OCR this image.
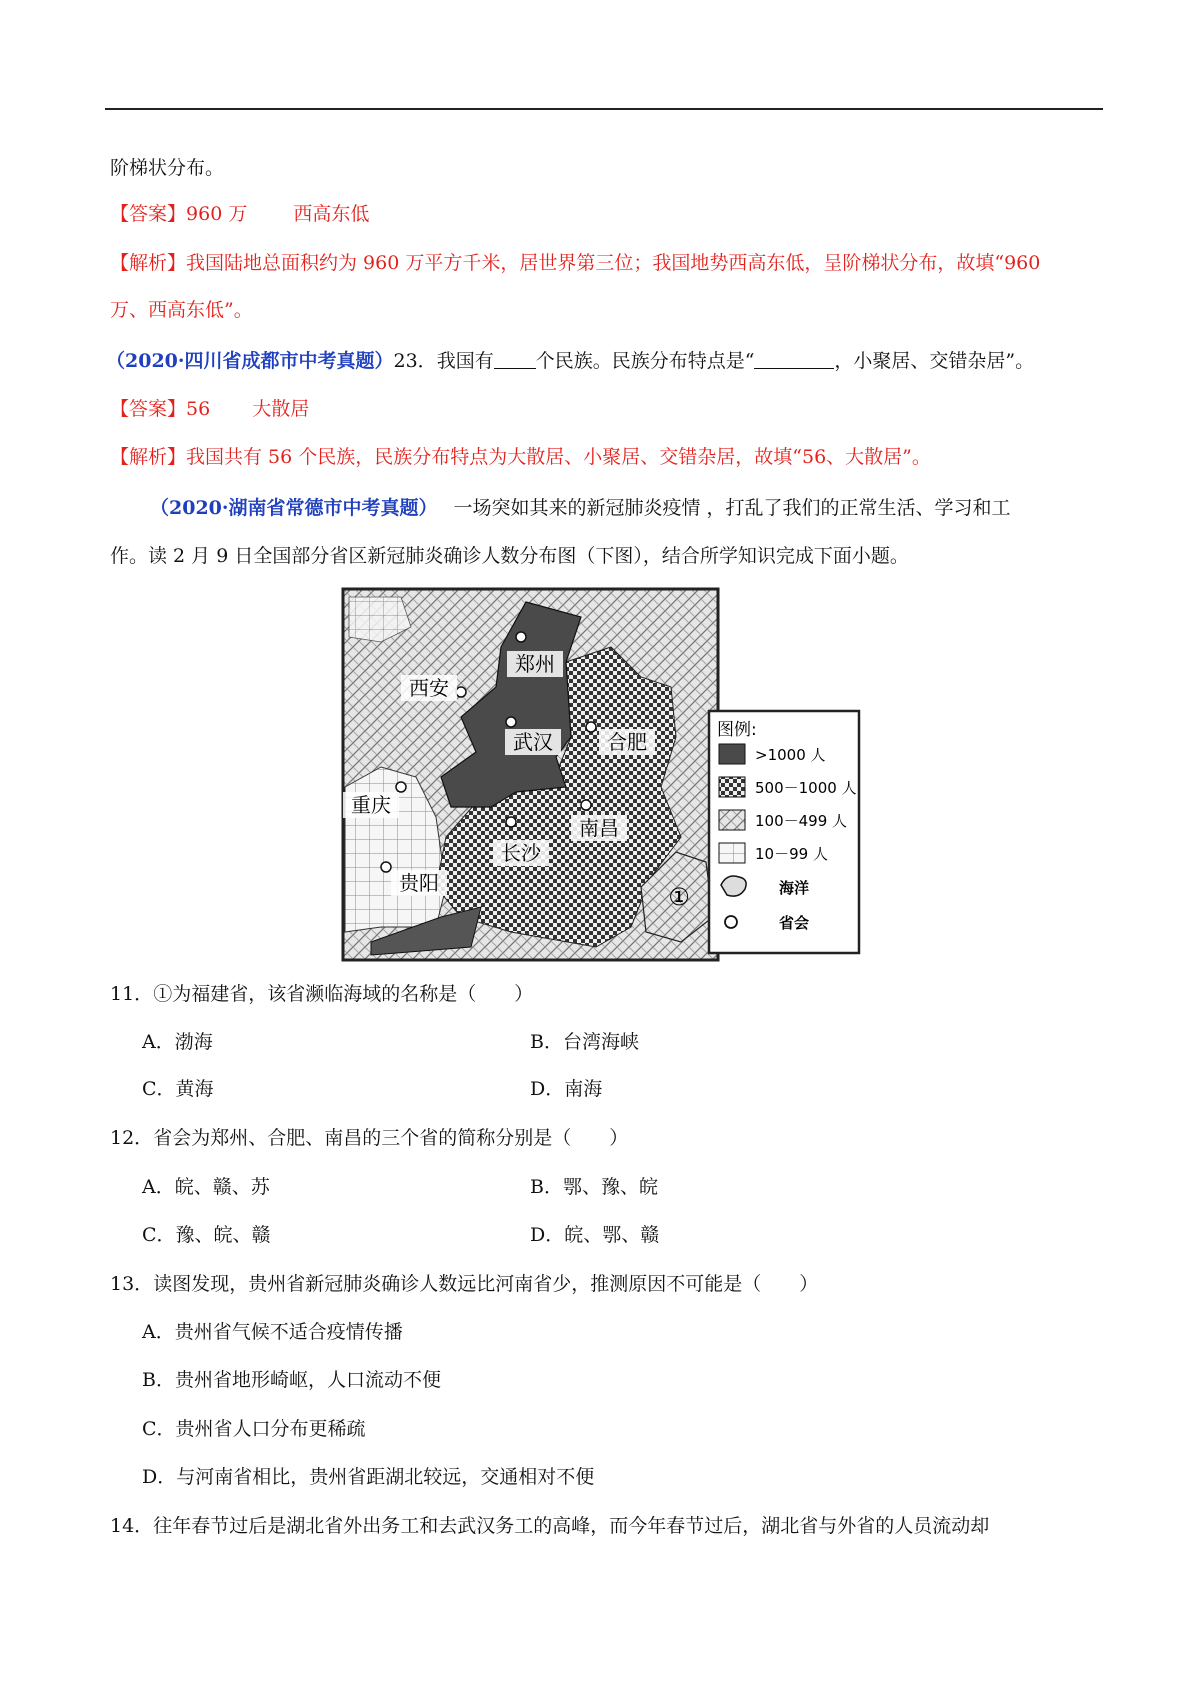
阶梯状分布。
【答案】960 万 西高东低
【解析】我国陆地总面积约为 960 万平方千米，居世界第三位；我国地势西高东低，呈阶梯状分布，故填“960
万、西高东低”。
（2020·四川省成都市中考真题）23．我国有 个民族。民族分布特点是“	，小聚居、交错杂居”。
【答案】56 大散居
【解析】我国共有 56 个民族，民族分布特点为大散居、小聚居、交错杂居，故填“56、大散居”。
（2020·湖南省常德市中考真题） 一场突如其来的新冠肺炎疫情 ，打乱了我们的正常生活、学习和工
作。读 2 月 9 日全国部分省区新冠肺炎确诊人数分布图（下图），结合所学知识完成下面小题。
郑州
西安
武汉	合肥
重庆
南昌
长沙
贵阳	①
图例:
>1000 人
500－1000 人
100－499 人
10－99 人
海洋
省会
11．①为福建省，该省濒临海域的名称是（　　）
A．渤海	B．台湾海峡
C．黄海	D．南海
12．省会为郑州、合肥、南昌的三个省的简称分别是（　　）
A．皖、赣、苏	B．鄂、豫、皖
C．豫、皖、赣	D．皖、鄂、赣
13．读图发现，贵州省新冠肺炎确诊人数远比河南省少，推测原因不可能是（　　）
A．贵州省气候不适合疫情传播
B．贵州省地形崎岖，人口流动不便
C．贵州省人口分布更稀疏
D．与河南省相比，贵州省距湖北较远，交通相对不便
14．往年春节过后是湖北省外出务工和去武汉务工的高峰，而今年春节过后，湖北省与外省的人员流动却
